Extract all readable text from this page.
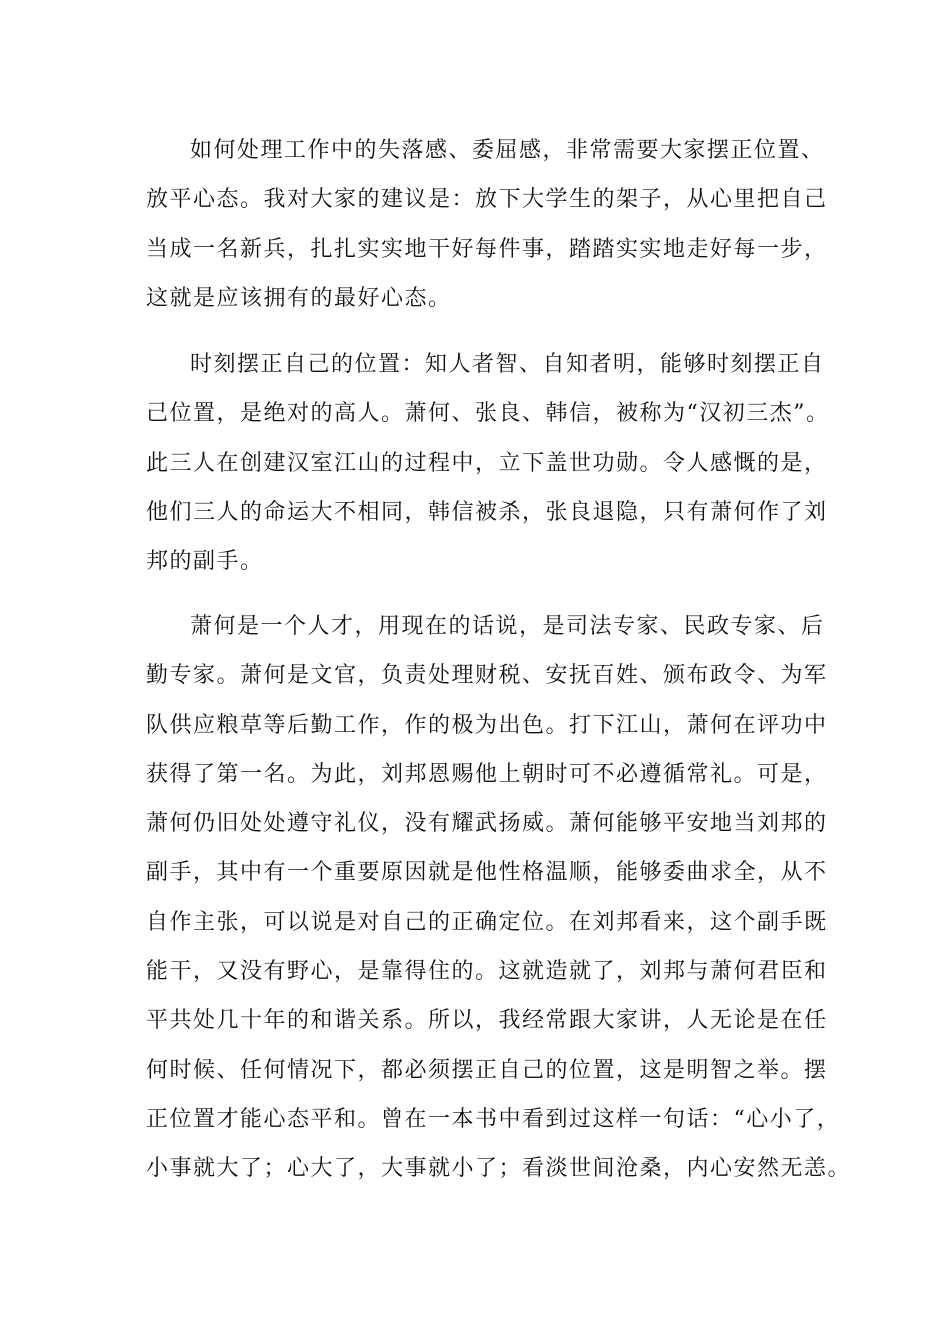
如何处理工作中的失落感、委屈感，非常需要大家摆正位置、
放平心态。我对大家的建议是：放下大学生的架子，从心里把自己
当成一名新兵，扎扎实实地干好每件事，踏踏实实地走好每一步，
这就是应该拥有的最好心态。
时刻摆正自己的位置：知人者智、自知者明，能够时刻摆正自
己位置，是绝对的高人。萧何、张良、韩信，被称为“汉初三杰”。
此三人在创建汉室江山的过程中，立下盖世功勋。令人感慨的是，
他们三人的命运大不相同，韩信被杀，张良退隐，只有萧何作了刘
邦的副手。
萧何是一个人才，用现在的话说，是司法专家、民政专家、后
勤专家。萧何是文官，负责处理财税、安抚百姓、颁布政令、为军
队供应粮草等后勤工作，作的极为出色。打下江山，萧何在评功中
获得了第一名。为此，刘邦恩赐他上朝时可不必遵循常礼。可是，
萧何仍旧处处遵守礼仪，没有耀武扬威。萧何能够平安地当刘邦的
副手，其中有一个重要原因就是他性格温顺，能够委曲求全，从不
自作主张，可以说是对自己的正确定位。在刘邦看来，这个副手既
能干，又没有野心，是靠得住的。这就造就了，刘邦与萧何君臣和
平共处几十年的和谐关系。所以，我经常跟大家讲，人无论是在任
何时候、任何情况下，都必须摆正自己的位置，这是明智之举。摆
正位置才能心态平和。曾在一本书中看到过这样一句话：“心小了，
小事就大了；心大了，大事就小了；看淡世间沧桑，内心安然无恙。
